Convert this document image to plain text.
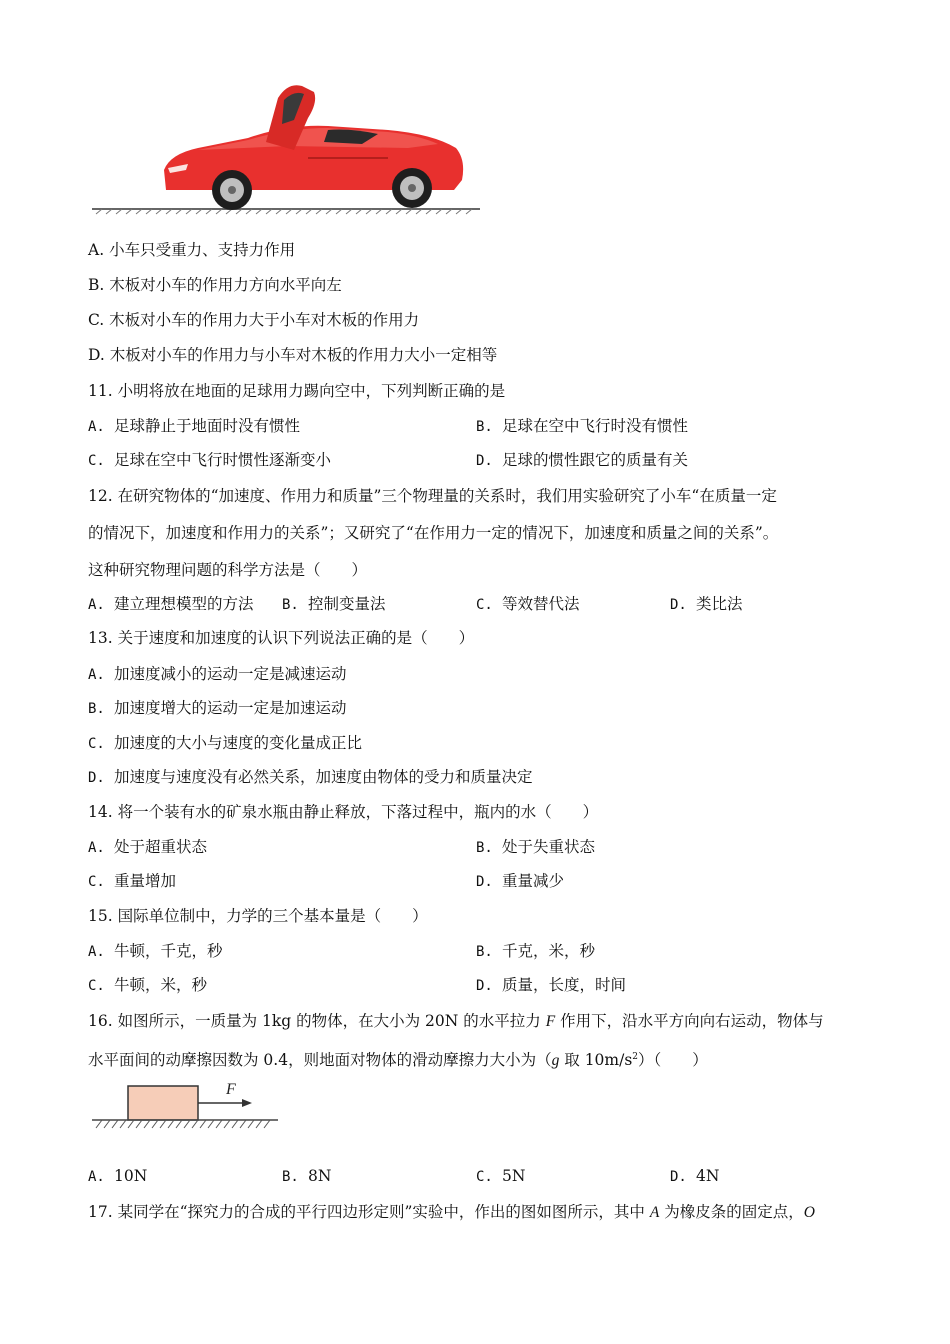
A. 小车只受重力、支持力作用
B. 木板对小车的作用力方向水平向左
C. 木板对小车的作用力大于小车对木板的作用力
D. 木板对小车的作用力与小车对木板的作用力大小一定相等
11. 小明将放在地面的足球用力踢向空中，下列判断正确的是
A. 足球静止于地面时没有惯性	B. 足球在空中飞行时没有惯性
C. 足球在空中飞行时惯性逐渐变小	D. 足球的惯性跟它的质量有关
12. 在研究物体的“加速度、作用力和质量”三个物理量的关系时，我们用实验研究了小车“在质量一定
的情况下，加速度和作用力的关系”；又研究了“在作用力一定的情况下，加速度和质量之间的关系”。
这种研究物理问题的科学方法是（　　）
A. 建立理想模型的方法 B. 控制变量法	C. 等效替代法	D. 类比法
13. 关于速度和加速度的认识下列说法正确的是（　　）
A. 加速度减小的运动一定是减速运动
B. 加速度增大的运动一定是加速运动
C. 加速度的大小与速度的变化量成正比
D. 加速度与速度没有必然关系，加速度由物体的受力和质量决定
14. 将一个装有水的矿泉水瓶由静止释放，下落过程中，瓶内的水（　　）
A. 处于超重状态	B. 处于失重状态
C. 重量增加	D. 重量减少
15. 国际单位制中，力学的三个基本量是（　　）
A. 牛顿，千克，秒	B. 千克，米，秒
C. 牛顿，米，秒	D. 质量，长度，时间
16. 如图所示，一质量为 1kg 的物体，在大小为 20N 的水平拉力 F 作用下，沿水平方向向右运动，物体与
水平面间的动摩擦因数为 0.4，则地面对物体的滑动摩擦力大小为（g 取 $10m/s^2$）（　　）
F
A. 10N	B. 8N	C. 5N	D. 4N
17. 某同学在“探究力的合成的平行四边形定则”实验中，作出的图如图所示，其中 A 为橡皮条的固定点，O
